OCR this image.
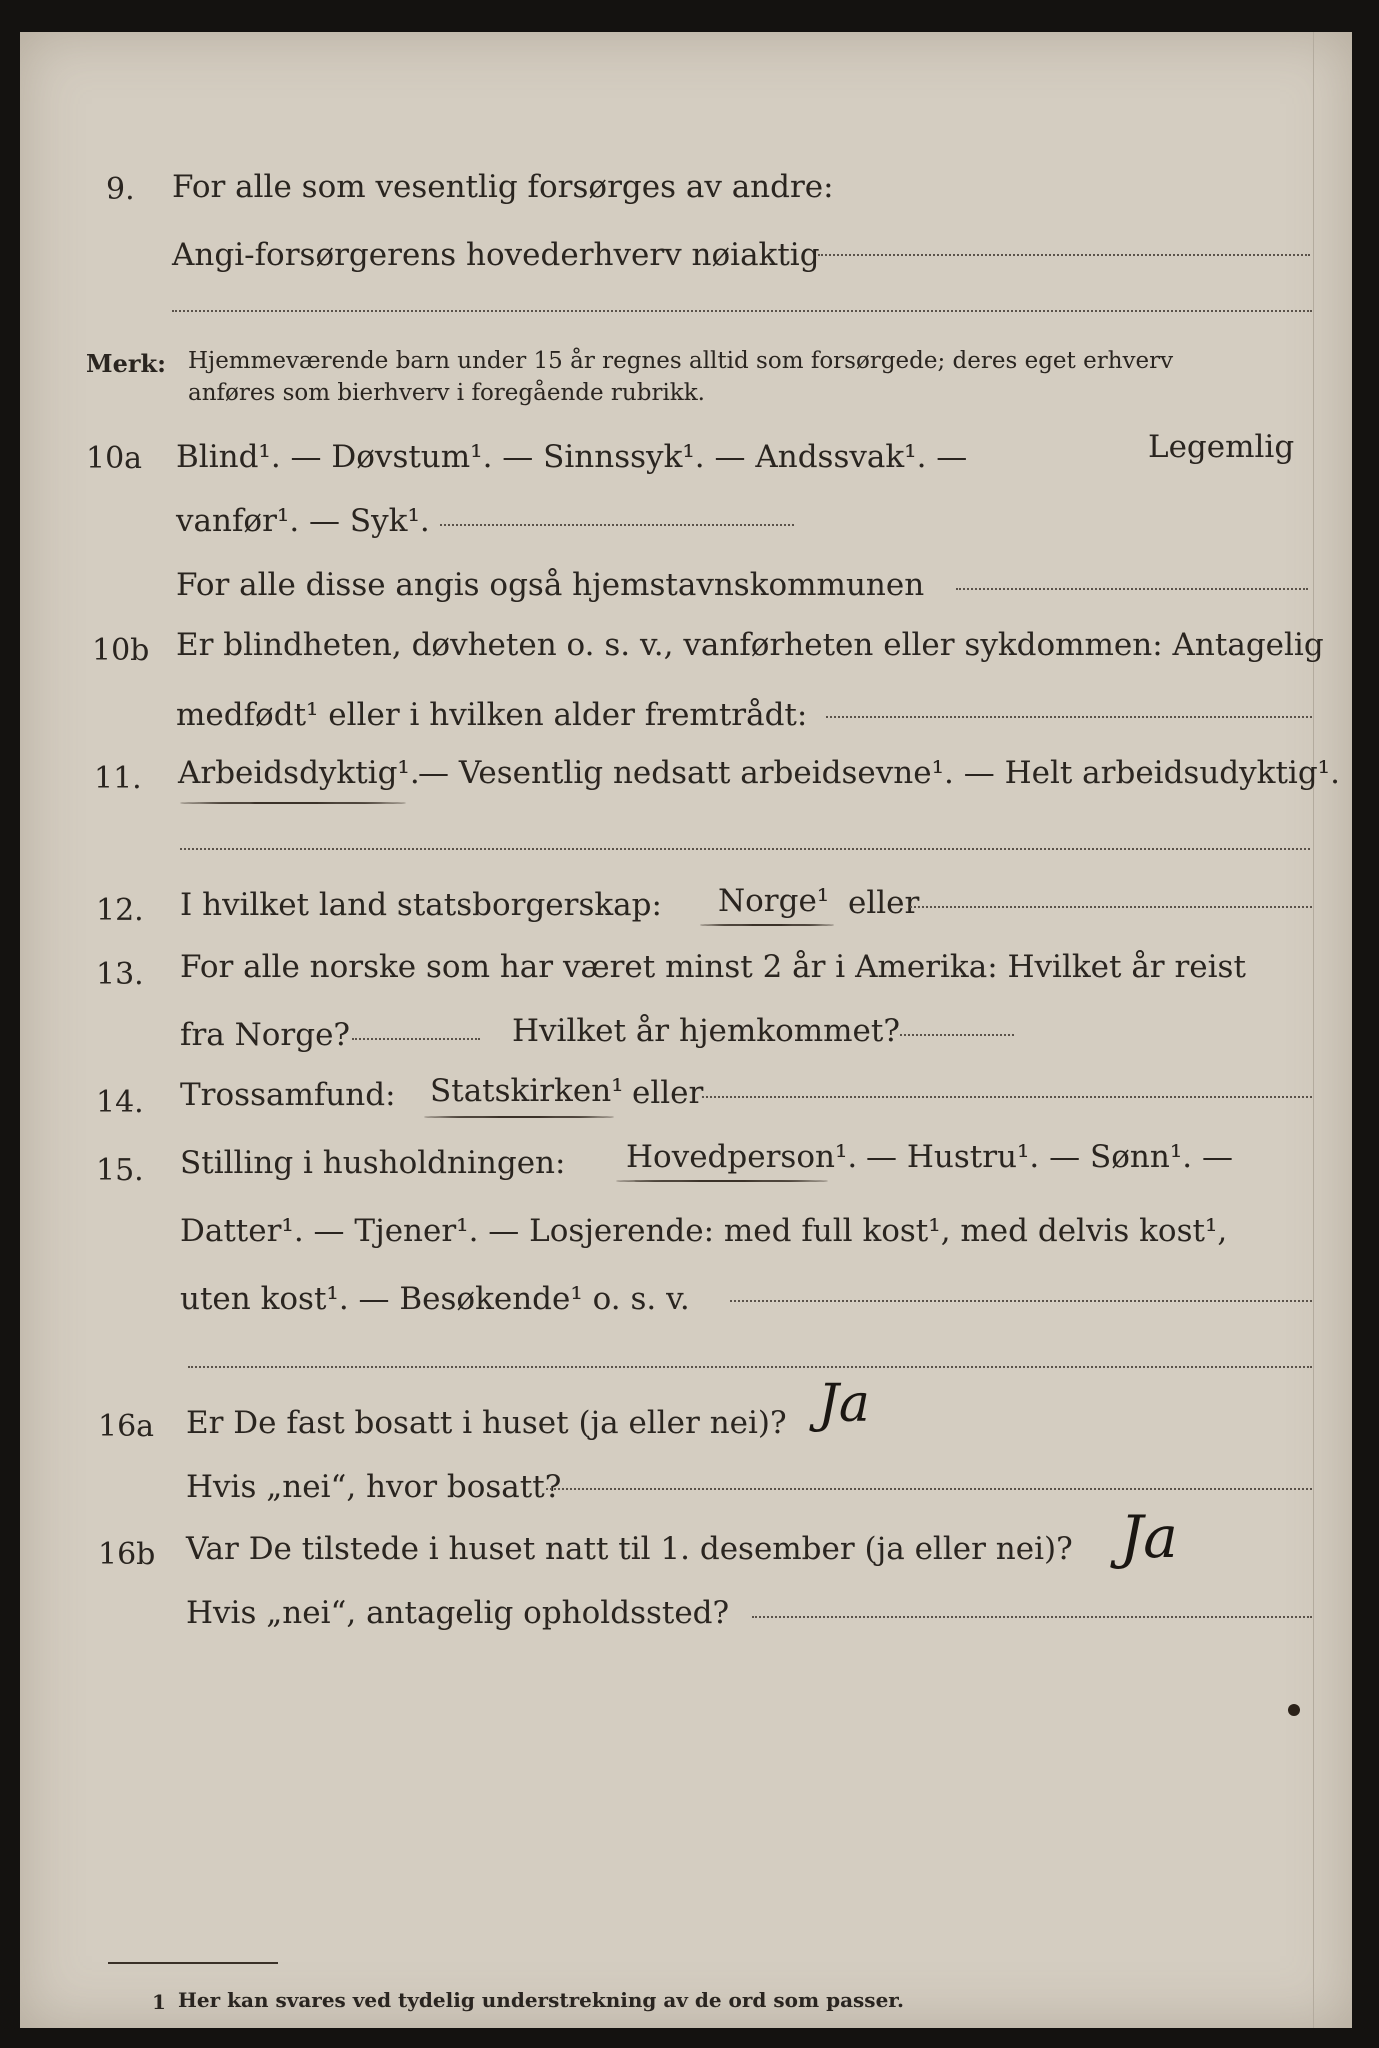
9. For alle som vesentlig forsørges av andre:
Angi-forsørgerens hovederhverv nøiaktig
Merk: Hjemmeværende barn under 15 år regnes alltid som forsørgede; deres eget erhverv
anføres som bierhverv i foregående rubrikk.
10a Blind¹. — Døvstum¹. — Sinnssyk¹. — Andssvak¹. —	Legemlig
vanfør¹. — Syk¹.
For alle disse angis også hjemstavnskommunen
10b Er blindheten, døvheten o. s. v., vanførheten eller sykdommen: Antagelig
medfødt¹ eller i hvilken alder fremtrådt:
11. Arbeidsdyktig¹.
— Vesentlig nedsatt arbeidsevne¹. — Helt arbeidsudyktig¹.
12. I hvilket land statsborgerskap: Norge¹ eller
13. For alle norske som har været minst 2 år i Amerika: Hvilket år reist
fra Norge?	Hvilket år hjemkommet?
14. Trossamfund: Statskirken¹ eller
15. Stilling i husholdningen: Hovedperson¹. — Hustru¹. — Sønn¹. —
Datter¹. — Tjener¹. — Losjerende: med full kost¹, med delvis kost¹,
uten kost¹. — Besøkende¹ o. s. v.
16a Er De fast bosatt i huset (ja eller nei)? Ja
Hvis „nei“, hvor bosatt?
16b Var De tilstede i huset natt til 1. desember (ja eller nei)? Ja
Hvis „nei“, antagelig opholdssted?
1 Her kan svares ved tydelig understrekning av de ord som passer.
